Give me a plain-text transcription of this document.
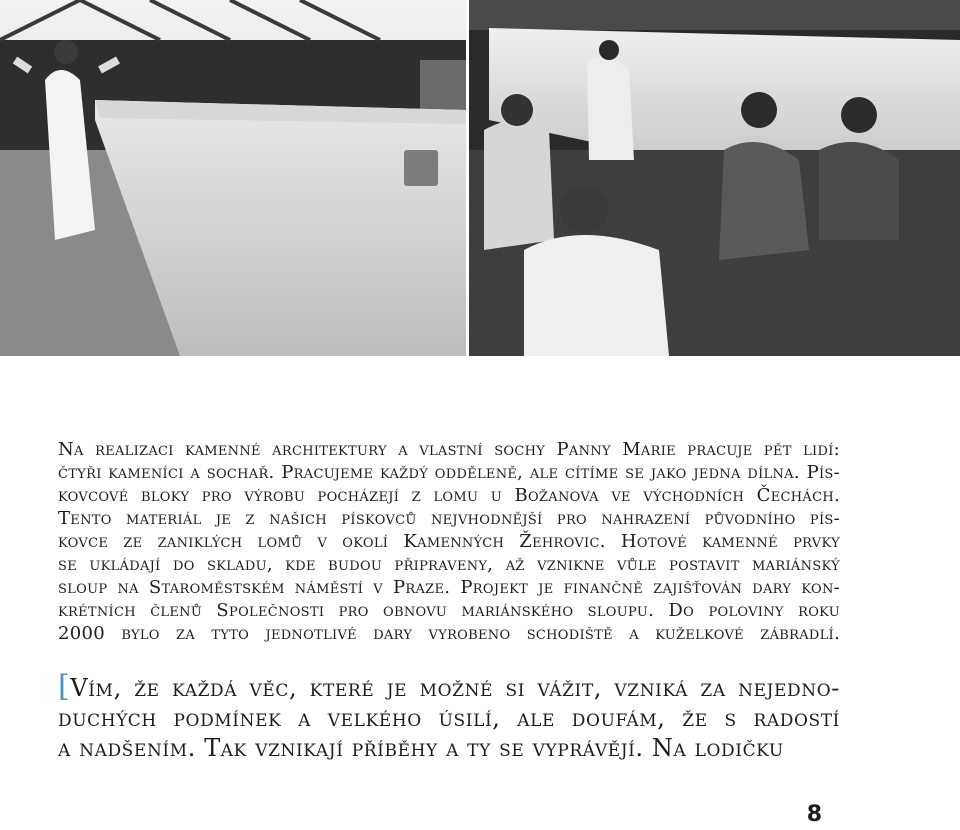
Na realizaci kamenné architektury a vlastní sochy Panny Marie pracuje pět lidí:
čtyři kameníci a sochař. Pracujeme každý odděleně, ale cítíme se jako jedna dílna. Pís-
kovcové bloky pro výrobu pocházejí z lomu u Božanova ve východních Čechách.
Tento materiál je z našich pískovců nejvhodnější pro nahrazení původního pís-
kovce ze zaniklých lomů v okolí Kamenných Žehrovic. Hotové kamenné prvky
se ukládají do skladu, kde budou připraveny, až vznikne vůle postavit mariánský
sloup na Staroměstském náměstí v Praze. Projekt je finančně zajišťován dary kon-
krétních členů Společnosti pro obnovu mariánského sloupu. Do poloviny roku
2000 bylo za tyto jednotlivé dary vyrobeno schodiště a kuželkové zábradlí.
[Vím, že každá věc, které je možné si vážit, vzniká za nejedno-
duchých podmínek a velkého úsilí, ale doufám, že s radostí
a nadšením. Tak vznikají příběhy a ty se vyprávějí. Na lodičku
8
